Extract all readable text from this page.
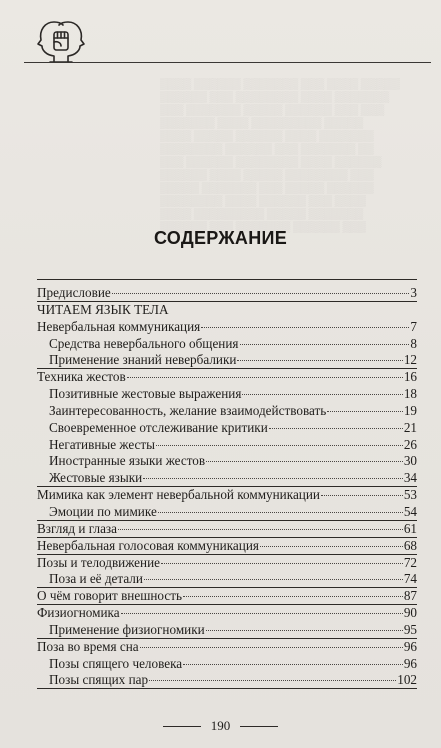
▒▒▒▒ ▒▒▒▒▒▒ ▒▒▒▒▒▒▒ ▒▒▒ ▒▒▒▒ ▒▒▒▒▒
▒▒▒▒▒▒ ▒▒▒ ▒▒▒▒▒▒▒▒ ▒▒▒▒ ▒▒▒▒▒▒▒
▒▒▒ ▒▒▒▒▒▒▒ ▒▒▒▒▒ ▒▒▒▒▒▒ ▒▒▒ ▒▒▒
▒▒▒▒▒▒▒ ▒▒▒▒ ▒▒▒▒▒▒▒▒▒ ▒▒▒▒▒
▒▒▒▒ ▒▒▒▒▒ ▒▒▒▒▒▒ ▒▒▒▒ ▒▒▒▒▒▒▒
▒▒▒▒▒▒▒▒ ▒▒▒▒▒▒ ▒▒▒ ▒▒▒▒▒▒▒ ▒▒
▒▒▒ ▒▒▒▒▒▒ ▒▒▒▒▒▒▒▒ ▒▒▒▒ ▒▒▒▒▒▒
▒▒▒▒▒▒ ▒▒▒▒ ▒▒▒▒▒ ▒▒▒▒▒▒▒▒ ▒▒▒
▒▒▒▒▒ ▒▒▒▒▒▒▒ ▒▒▒ ▒▒▒▒▒ ▒▒▒▒▒▒
▒▒▒▒▒▒▒▒ ▒▒▒▒ ▒▒▒▒▒▒ ▒▒▒ ▒▒▒▒
▒▒▒▒ ▒▒▒▒▒▒▒▒▒ ▒▒▒▒▒ ▒▒▒▒▒▒▒
▒▒▒▒▒▒ ▒▒▒ ▒▒▒▒▒▒▒ ▒▒▒▒▒▒ ▒▒▒
СОДЕРЖАНИЕ
Предисловие	3
ЧИТАЕМ ЯЗЫК ТЕЛА
Невербальная коммуникация	7
Средства невербального общения	8
Применение знаний невербалики	12
Техника жестов	16
Позитивные жестовые выражения	18
Заинтересованность, желание взаимодействовать	19
Своевременное отслеживание критики	21
Негативные жесты	26
Иностранные языки жестов	30
Жестовые языки	34
Мимика как элемент невербальной коммуникации	53
Эмоции по мимике	54
Взгляд и глаза	61
Невербальная голосовая коммуникация	68
Позы и телодвижение	72
Поза и её детали	74
О чём говорит внешность	87
Физиогномика	90
Применение физиогномики	95
Поза во время сна	96
Позы спящего человека	96
Позы спящих пар	102
190
